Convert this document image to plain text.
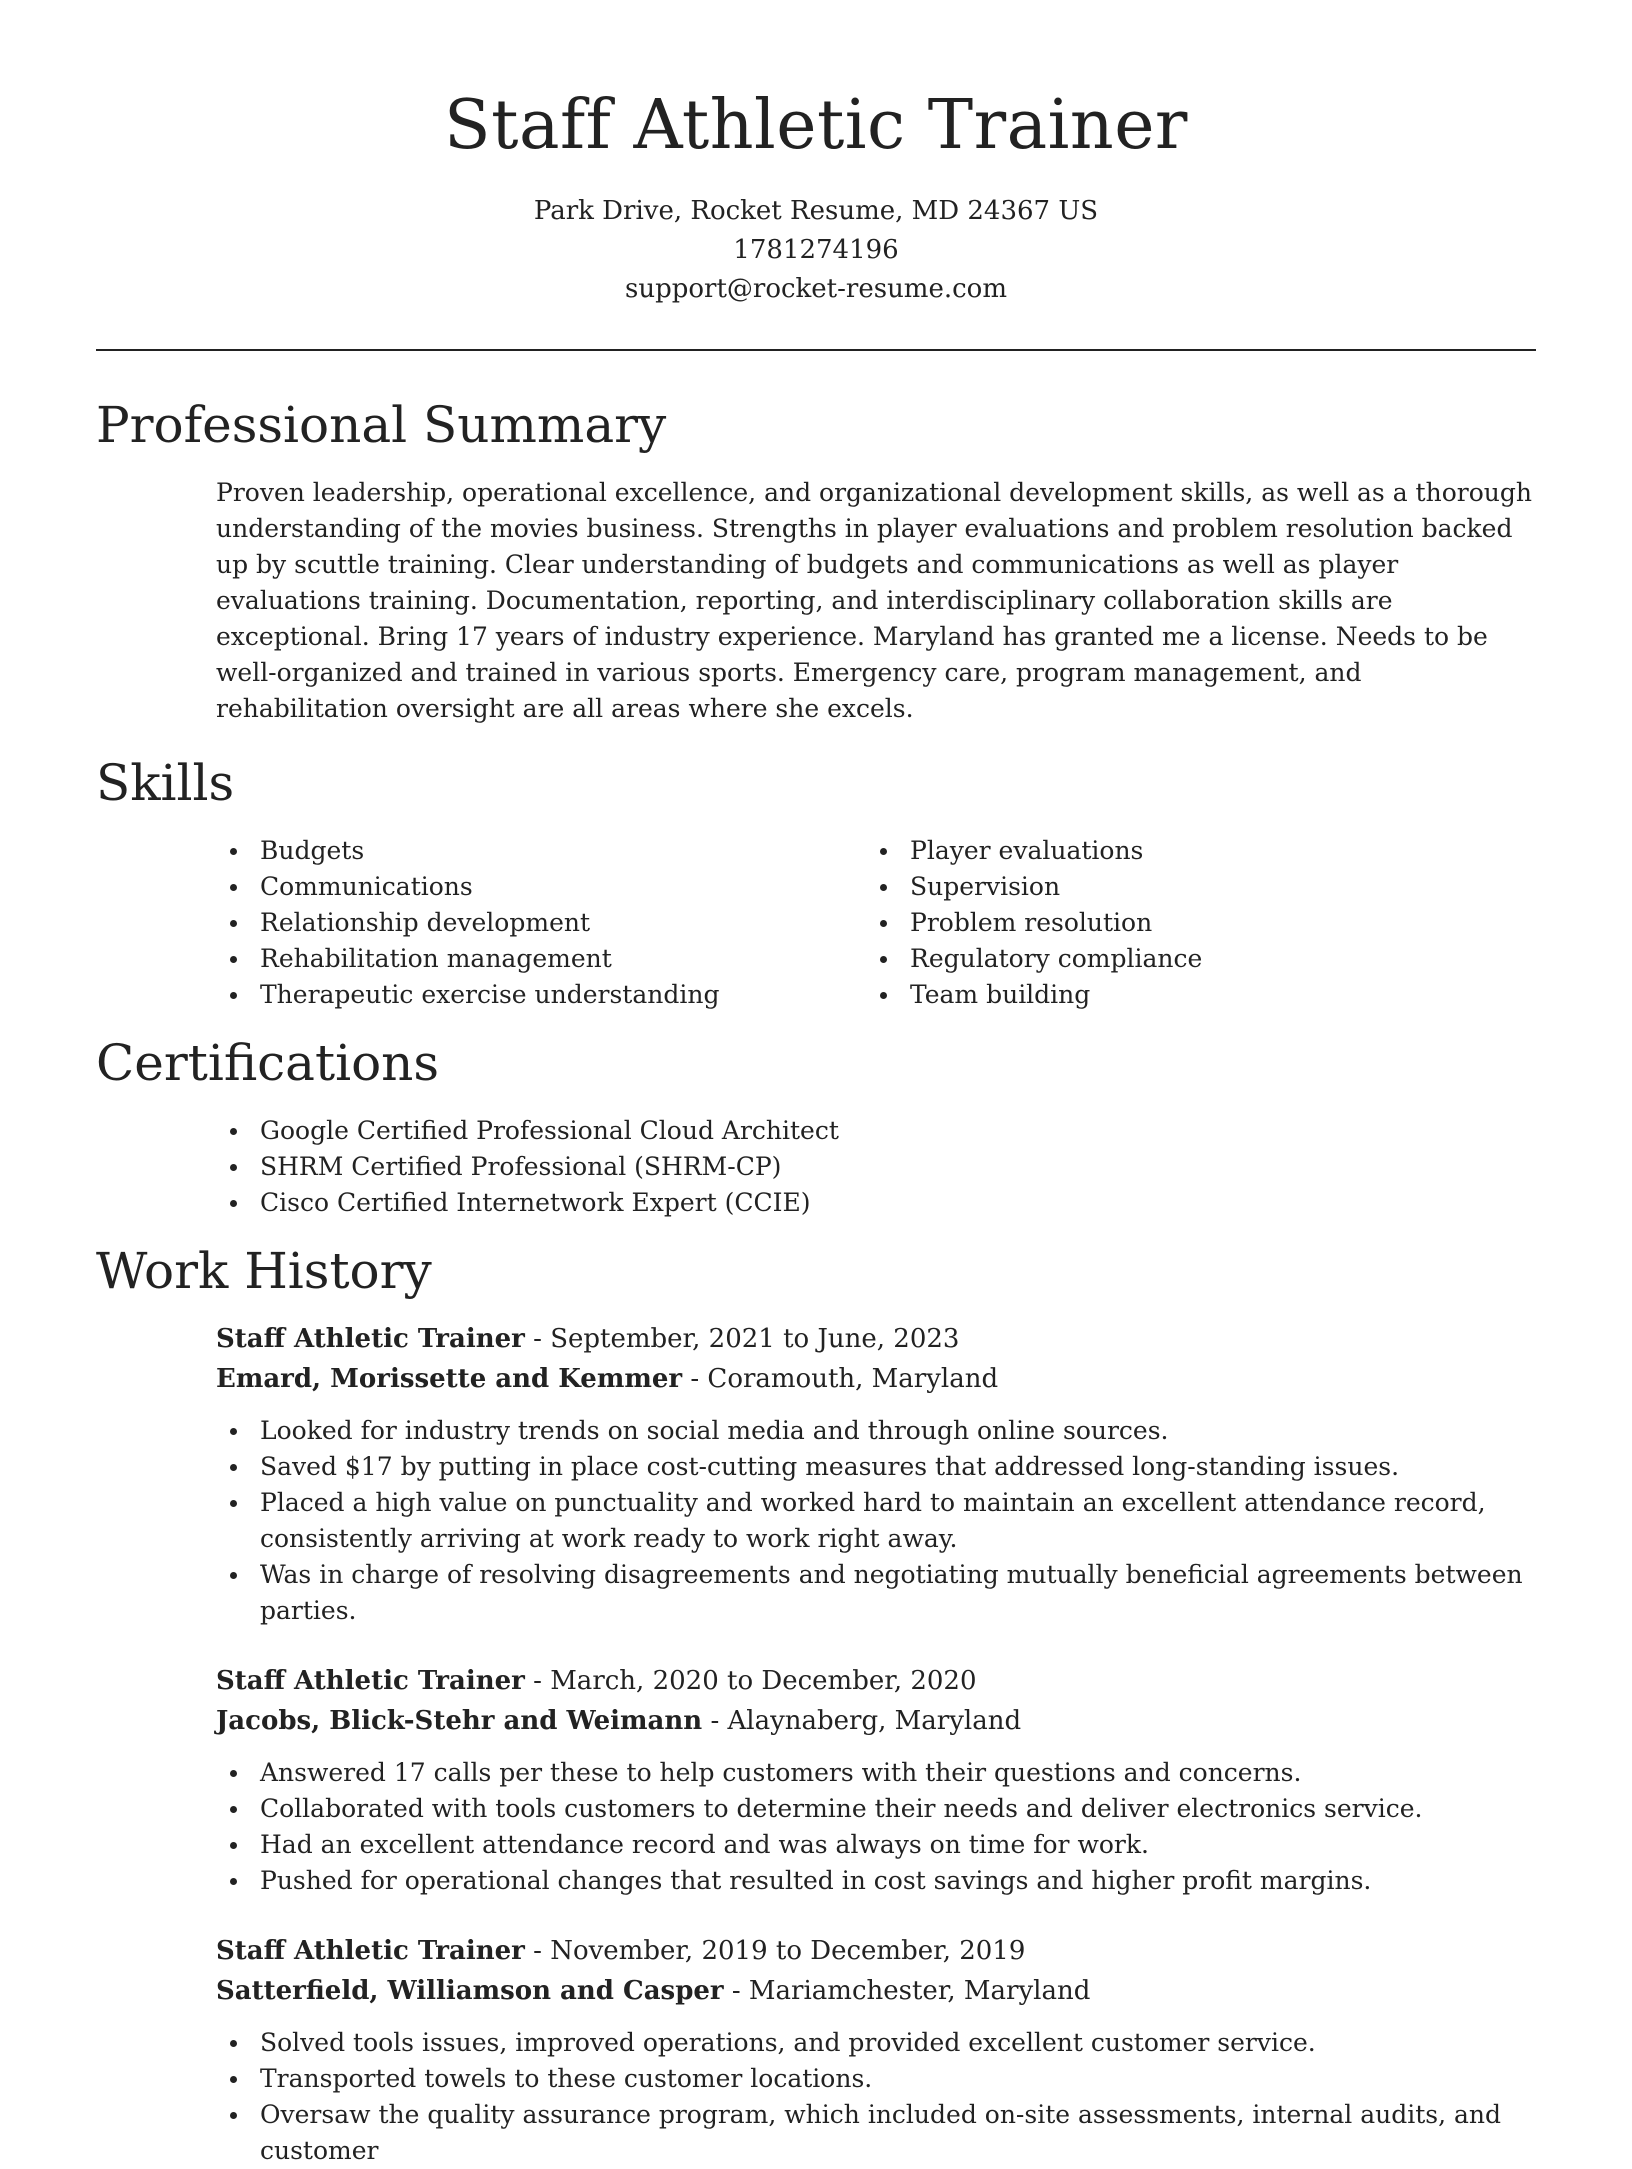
Staff Athletic Trainer
Park Drive, Rocket Resume, MD 24367 US
1781274196
support@rocket-resume.com
Professional Summary

Proven leadership, operational excellence, and organizational development skills, as well as a thorough understanding of the movies business. Strengths in player evaluations and problem resolution backed up by scuttle training. Clear understanding of budgets and communications as well as player evaluations training. Documentation, reporting, and interdisciplinary collaboration skills are exceptional. Bring 17 years of industry experience. Maryland has granted me a license. Needs to be well-organized and trained in various sports. Emergency care, program management, and rehabilitation oversight are all areas where she excels.

Skills
Budgets
Communications
Relationship development
Rehabilitation management
Therapeutic exercise understanding
Player evaluations
Supervision
Problem resolution
Regulatory compliance
Team building
Certifications
Google Certified Professional Cloud Architect
SHRM Certified Professional (SHRM-CP)
Cisco Certified Internetwork Expert (CCIE)
Work History
Staff Athletic Trainer - September, 2021 to June, 2023
Emard, Morissette and Kemmer - Coramouth, Maryland
Looked for industry trends on social media and through online sources.
Saved $17 by putting in place cost-cutting measures that addressed long-standing issues.
Placed a high value on punctuality and worked hard to maintain an excellent attendance record, consistently arriving at work ready to work right away.
Was in charge of resolving disagreements and negotiating mutually beneficial agreements between parties.
Staff Athletic Trainer - March, 2020 to December, 2020
Jacobs, Blick-Stehr and Weimann - Alaynaberg, Maryland
Answered 17 calls per these to help customers with their questions and concerns.
Collaborated with tools customers to determine their needs and deliver electronics service.
Had an excellent attendance record and was always on time for work.
Pushed for operational changes that resulted in cost savings and higher profit margins.
Staff Athletic Trainer - November, 2019 to December, 2019
Satterfield, Williamson and Casper - Mariamchester, Maryland
Solved tools issues, improved operations, and provided excellent customer service.
Transported towels to these customer locations.
Oversaw the quality assurance program, which included on-site assessments, internal audits, and customer
